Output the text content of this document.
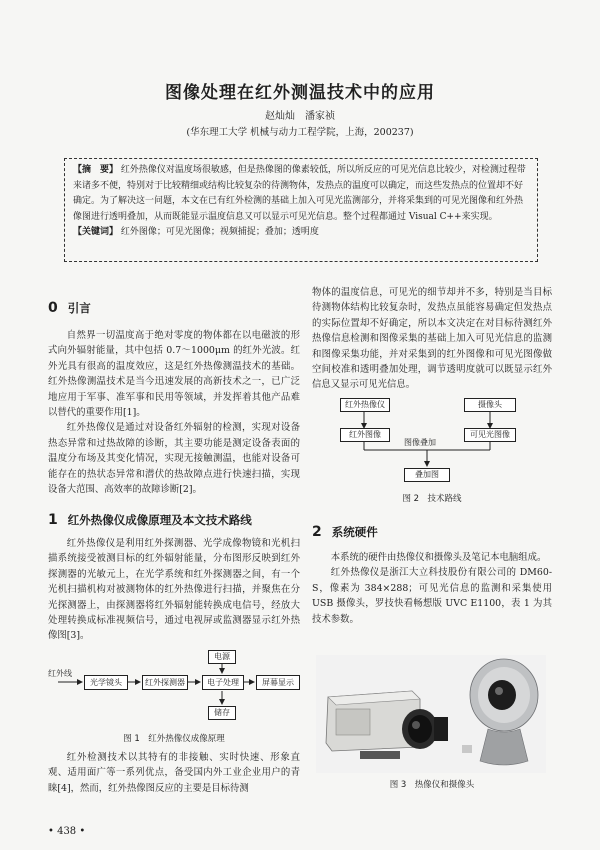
图像处理在红外测温技术中的应用
赵灿灿　潘家祯
(华东理工大学 机械与动力工程学院，上海，200237)
【摘　要】 红外热像仪对温度场很敏感，但是热像图的像素较低，所以所反应的可见光信息比较少，对检测过程带来诸多不便，特别对于比较精细或结构比较复杂的待测物体，发热点的温度可以确定，而这些发热点的位置却不好确定。为了解决这一问题，本文在已有红外检测的基础上加入可见光监测部分，并将采集到的可见光图像和红外热像图进行透明叠加，从而既能显示温度信息又可以显示可见光信息。整个过程都通过 Visual C++来实现。
【关键词】 红外图像；可见光图像；视频捕捉；叠加；透明度
0 引言

自然界一切温度高于绝对零度的物体都在以电磁波的形式向外辐射能量，其中包括 0.7～1000μm 的红外光波。红外光具有很高的温度效应，这是红外热像测温技术的基础。红外热像测温技术是当今迅速发展的高新技术之一，已广泛地应用于军事、准军事和民用等领域，并发挥着其他产品难以替代的重要作用[1]。

红外热像仪是通过对设备红外辐射的检测，实现对设备热态异常和过热故障的诊断，其主要功能是测定设备表面的温度分布场及其变化情况，实现无接触测温，也能对设备可能存在的热状态异常和潜伏的热故障点进行快速扫描，实现设备大范围、高效率的故障诊断[2]。

1 红外热像仪成像原理及本文技术路线

红外热像仪是利用红外探测器、光学成像物镜和光机扫描系统接受被测目标的红外辐射能量，分布图形反映到红外探测器的光敏元上，在光学系统和红外探测器之间，有一个光机扫描机构对被测物体的红外热像进行扫描，并聚焦在分光探测器上，由探测器将红外辐射能转换成电信号，经放大处理转换成标准视频信号，通过电视屏或监测器显示红外热像图[3]。

红外线
光学镜头	红外探测器	电子处理	屏幕显示
电源
储存
图 1　红外热像仪成像原理

红外检测技术以其特有的非接触、实时快速、形象直观、适用面广等一系列优点，备受国内外工业企业用户的青睐[4]，然而，红外热像图反应的主要是目标待测

物体的温度信息，可见光的细节却并不多，特别是当目标待测物体结构比较复杂时，发热点虽能容易确定但发热点的实际位置却不好确定，所以本文决定在对目标待测红外热像信息检测和图像采集的基础上加入可见光信息的监测和图像采集功能，并对采集到的红外图像和可见光图像做空间校准和透明叠加处理，调节透明度就可以既显示红外信息又显示可见光信息。

红外热像仪	摄像头
红外图像	可见光图像
图像叠加
叠加图
图 2　技术路线
2 系统硬件

本系统的硬件由热像仪和摄像头及笔记本电脑组成。

红外热像仪是浙江大立科技股份有限公司的 DM60-S，像素为 384×288；可见光信息的监测和采集使用 USB 摄像头，罗技快看畅想版 UVC E1100，表 1 为其技术参数。

图 3　热像仪和摄像头
• 438 •
